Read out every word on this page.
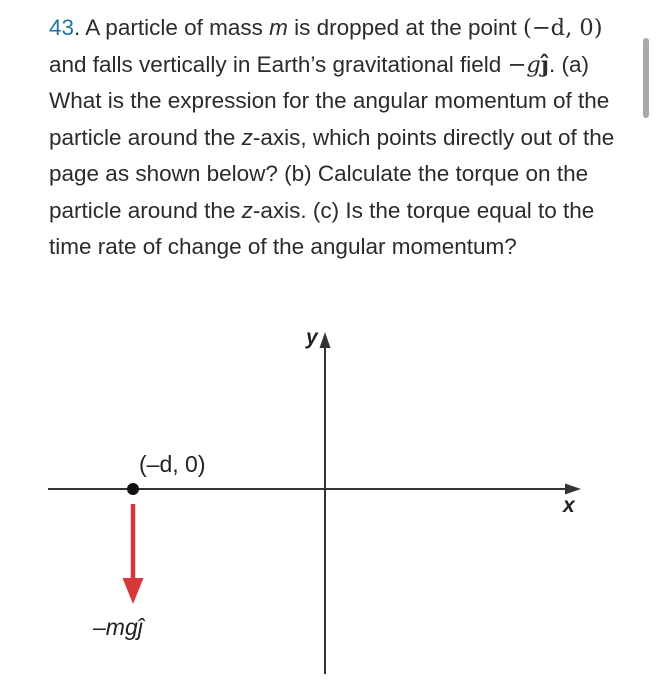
43. A particle of mass m is dropped at the point (−d, 0) and falls vertically in Earth’s gravitational field −gĵ. (a) What is the expression for the angular momentum of the particle around the z-axis, which points directly out of the page as shown below? (b) Calculate the torque on the particle around the z-axis. (c) Is the torque equal to the time rate of change of the angular momentum?

y
x
(–d, 0)
–mgĵ
